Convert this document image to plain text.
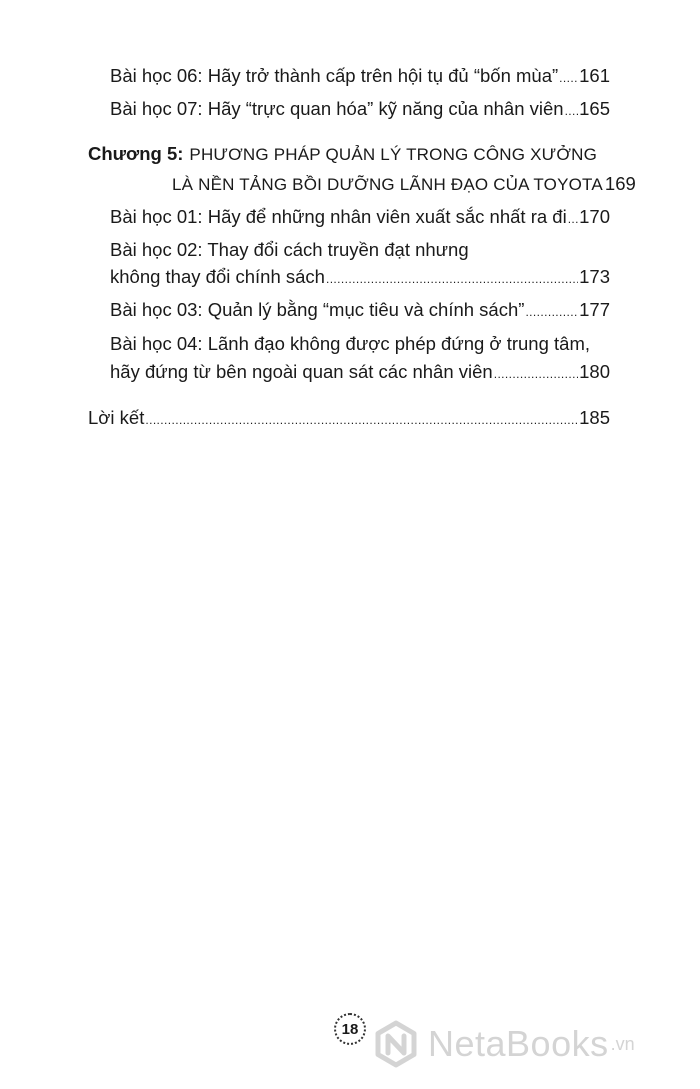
Bài học 06: Hãy trở thành cấp trên hội tụ đủ “bốn mùa” ..... 161
Bài học 07: Hãy “trực quan hóa” kỹ năng của nhân viên ..... 165
Chương 5: PHƯƠNG PHÁP QUẢN LÝ TRONG CÔNG XƯỞNG
LÀ NỀN TẢNG BỒI DƯỠNG LÃNH ĐẠO CỦA TOYOTA 169
Bài học 01: Hãy để những nhân viên xuất sắc nhất ra đi ..... 170
Bài học 02: Thay đổi cách truyền đạt nhưng
không thay đổi chính sách .....	173
Bài học 03: Quản lý bằng “mục tiêu và chính sách” .....	177
Bài học 04: Lãnh đạo không được phép đứng ở trung tâm,
hãy đứng từ bên ngoài quan sát các nhân viên .....	180
Lời kết .....	185
18 NetaBooks .vn
